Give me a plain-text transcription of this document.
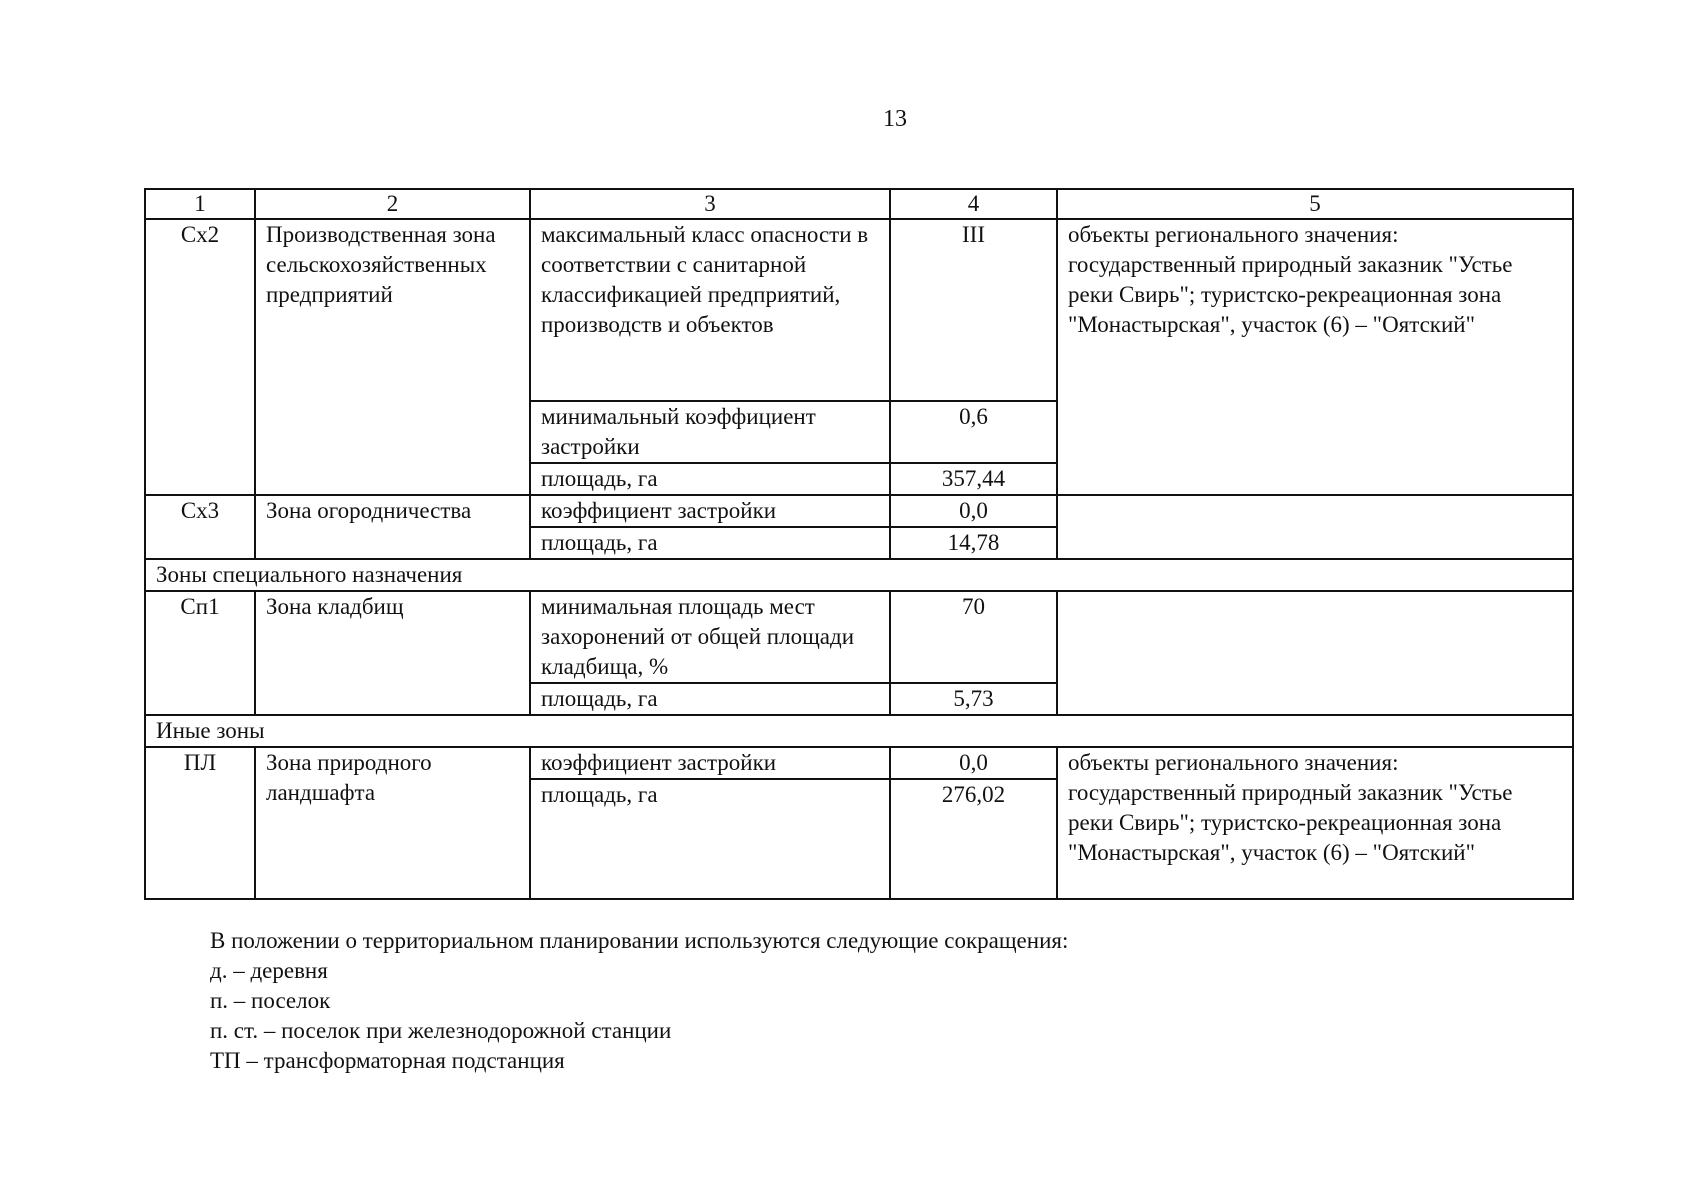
13
1	2	3	4	5
Сх2	Производственная зона сельскохозяйственных предприятий	максимальный класс опасности в соответствии с санитарной классификацией предприятий, производств и объектов	III	объекты регионального значения: государственный природный заказник "Устье реки Свирь"; туристско-рекреационная зона "Монастырская", участок (6) – "Оятский"
		минимальный коэффициент застройки	0,6	
		площадь, га	357,44	
Сх3	Зона огородничества	коэффициент застройки	0,0	
		площадь, га	14,78	
Зоны специального назначения				
Сп1	Зона кладбищ	минимальная площадь мест захоронений от общей площади кладбища, %	70	
		площадь, га	5,73	
Иные зоны				
ПЛ	Зона природного ландшафта	коэффициент застройки	0,0	объекты регионального значения: государственный природный заказник "Устье реки Свирь"; туристско-рекреационная зона "Монастырская", участок (6) – "Оятский"
		площадь, га	276,02	
В положении о территориальном планировании используются следующие сокращения:
д. – деревня
п. – поселок
п. ст. – поселок при железнодорожной станции
ТП – трансформаторная подстанция
